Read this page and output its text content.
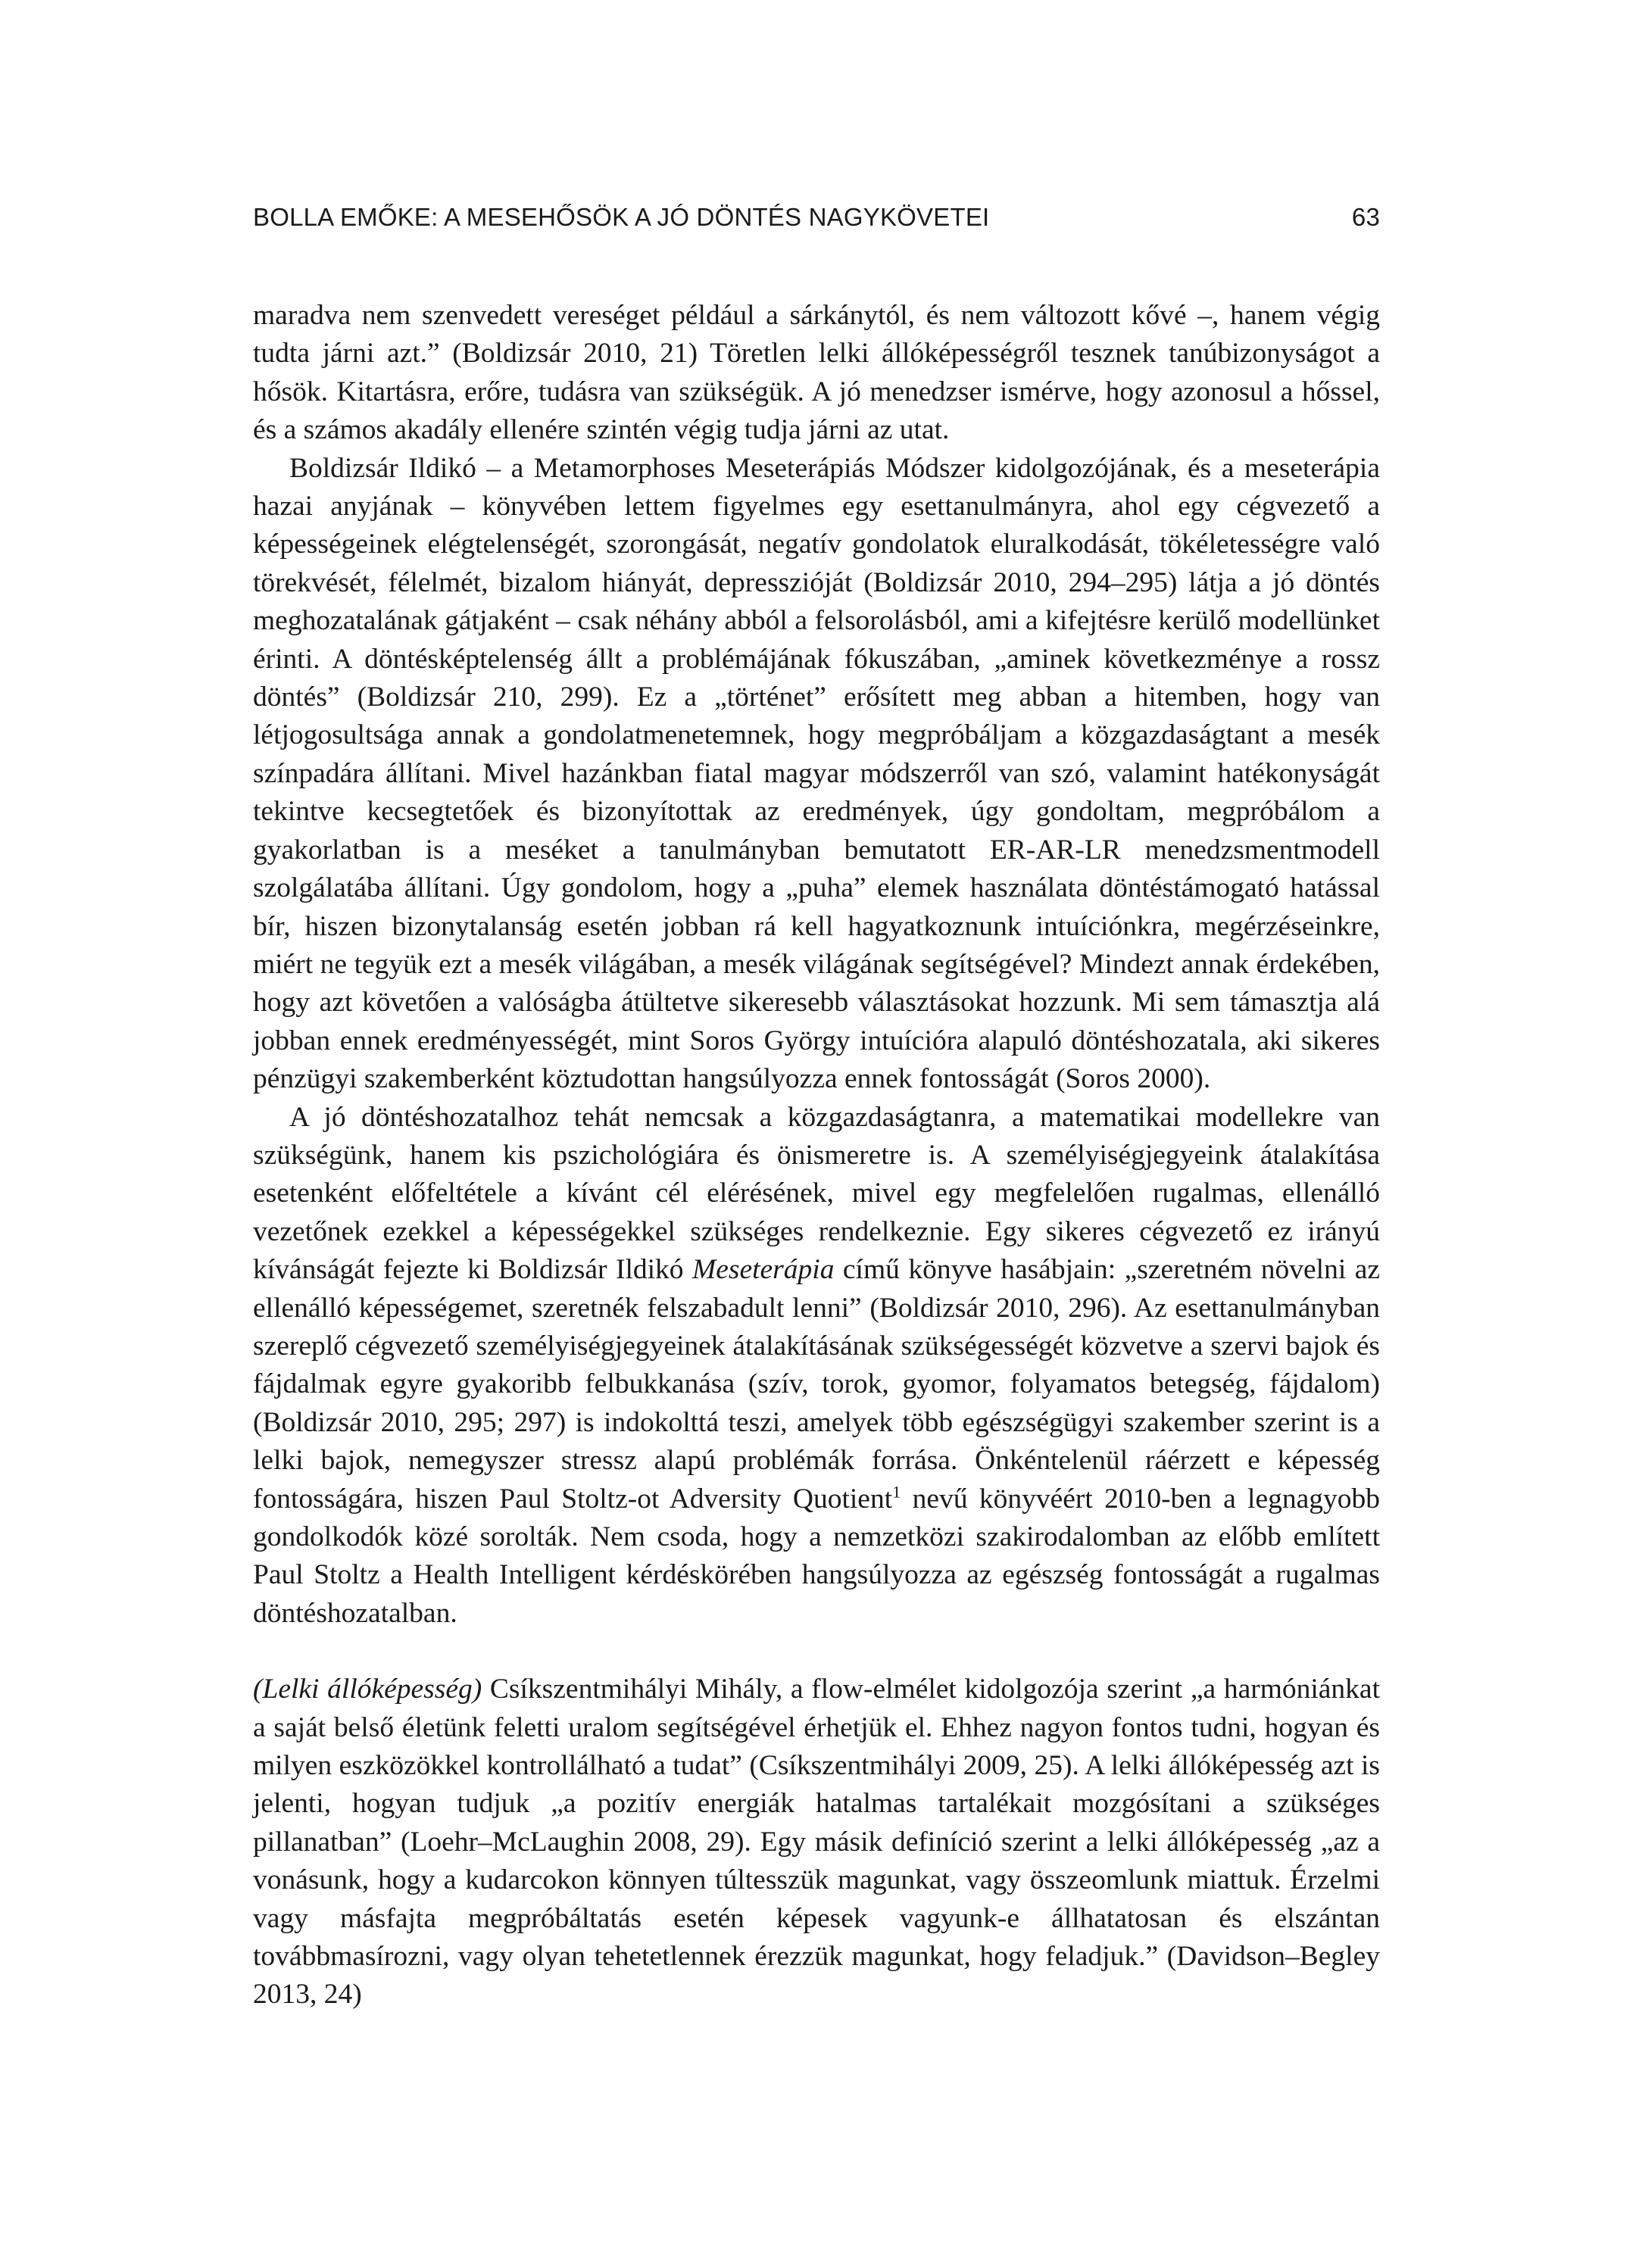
BOLLA EMŐKE: A MESEHŐSÖK A JÓ DÖNTÉS NAGYKÖVETEI	63

maradva nem szenvedett vereséget például a sárkánytól, és nem változott kővé –, hanem végig tudta járni azt.” (Boldizsár 2010, 21) Töretlen lelki állóképességről tesznek tanúbizonyságot a hősök. Kitartásra, erőre, tudásra van szükségük. A jó menedzser ismérve, hogy azonosul a hőssel, és a számos akadály ellenére szintén végig tudja járni az utat.

Boldizsár Ildikó – a Metamorphoses Meseterápiás Módszer kidolgozójának, és a meseterápia hazai anyjának – könyvében lettem figyelmes egy esettanulmányra, ahol egy cégvezető a képességeinek elégtelenségét, szorongását, negatív gondolatok eluralkodását, tökéletességre való törekvését, félelmét, bizalom hiányát, depresszióját (Boldizsár 2010, 294–295) látja a jó döntés meghozatalának gátjaként – csak néhány abból a felsorolásból, ami a kifejtésre kerülő modellünket érinti. A döntésképtelenség állt a problémájának fókuszában, „aminek következménye a rossz döntés” (Boldizsár 210, 299). Ez a „történet” erősített meg abban a hitemben, hogy van létjogosultsága annak a gondolatmenetemnek, hogy megpróbáljam a közgazdaságtant a mesék színpadára állítani. Mivel hazánkban fiatal magyar módszerről van szó, valamint hatékonyságát tekintve kecsegtetőek és bizonyítottak az eredmények, úgy gondoltam, megpróbálom a gyakorlatban is a meséket a tanulmányban bemutatott ER-AR-LR menedzsmentmodell szolgálatába állítani. Úgy gondolom, hogy a „puha” elemek használata döntéstámogató hatással bír, hiszen bizonytalanság esetén jobban rá kell hagyatkoznunk intuíciónkra, megérzéseinkre, miért ne tegyük ezt a mesék világában, a mesék világának segítségével? Mindezt annak érdekében, hogy azt követően a valóságba átültetve sikeresebb választásokat hozzunk. Mi sem támasztja alá jobban ennek eredményességét, mint Soros György intuícióra alapuló döntéshozatala, aki sikeres pénzügyi szakemberként köztudottan hangsúlyozza ennek fontosságát (Soros 2000).

A jó döntéshozatalhoz tehát nemcsak a közgazdaságtanra, a matematikai modellekre van szükségünk, hanem kis pszichológiára és önismeretre is. A személyiségjegyeink átalakítása esetenként előfeltétele a kívánt cél elérésének, mivel egy megfelelően rugalmas, ellenálló vezetőnek ezekkel a képességekkel szükséges rendelkeznie. Egy sikeres cégvezető ez irányú kívánságát fejezte ki Boldizsár Ildikó Meseterápia című könyve hasábjain: „szeretném növelni az ellenálló képességemet, szeretnék felszabadult lenni” (Boldizsár 2010, 296). Az esettanulmányban szereplő cégvezető személyiségjegyeinek átalakításának szükségességét közvetve a szervi bajok és fájdalmak egyre gyakoribb felbukkanása (szív, torok, gyomor, folyamatos betegség, fájdalom) (Boldizsár 2010, 295; 297) is indokolttá teszi, amelyek több egészségügyi szakember szerint is a lelki bajok, nemegyszer stressz alapú problémák forrása. Önkéntelenül ráérzett e képesség fontosságára, hiszen Paul Stoltz-ot Adversity Quotient$^1$ nevű könyvéért 2010-ben a legnagyobb gondolkodók közé sorolták. Nem csoda, hogy a nemzetközi szakirodalomban az előbb említett Paul Stoltz a Health Intelligent kérdéskörében hangsúlyozza az egészség fontosságát a rugalmas döntéshozatalban.

(Lelki állóképesség) Csíkszentmihályi Mihály, a flow-elmélet kidolgozója szerint „a harmóniánkat a saját belső életünk feletti uralom segítségével érhetjük el. Ehhez nagyon fontos tudni, hogyan és milyen eszközökkel kontrollálható a tudat” (Csíkszentmihályi 2009, 25). A lelki állóképesség azt is jelenti, hogyan tudjuk „a pozitív energiák hatalmas tartalékait mozgósítani a szükséges pillanatban” (Loehr–McLaughin 2008, 29). Egy másik definíció szerint a lelki állóképesség „az a vonásunk, hogy a kudarcokon könnyen túltesszük magunkat, vagy összeomlunk miattuk. Érzelmi vagy másfajta megpróbáltatás esetén képesek vagyunk-e állhatatosan és elszántan továbbmasírozni, vagy olyan tehetetlennek érezzük magunkat, hogy feladjuk.” (Davidson–Begley 2013, 24)
